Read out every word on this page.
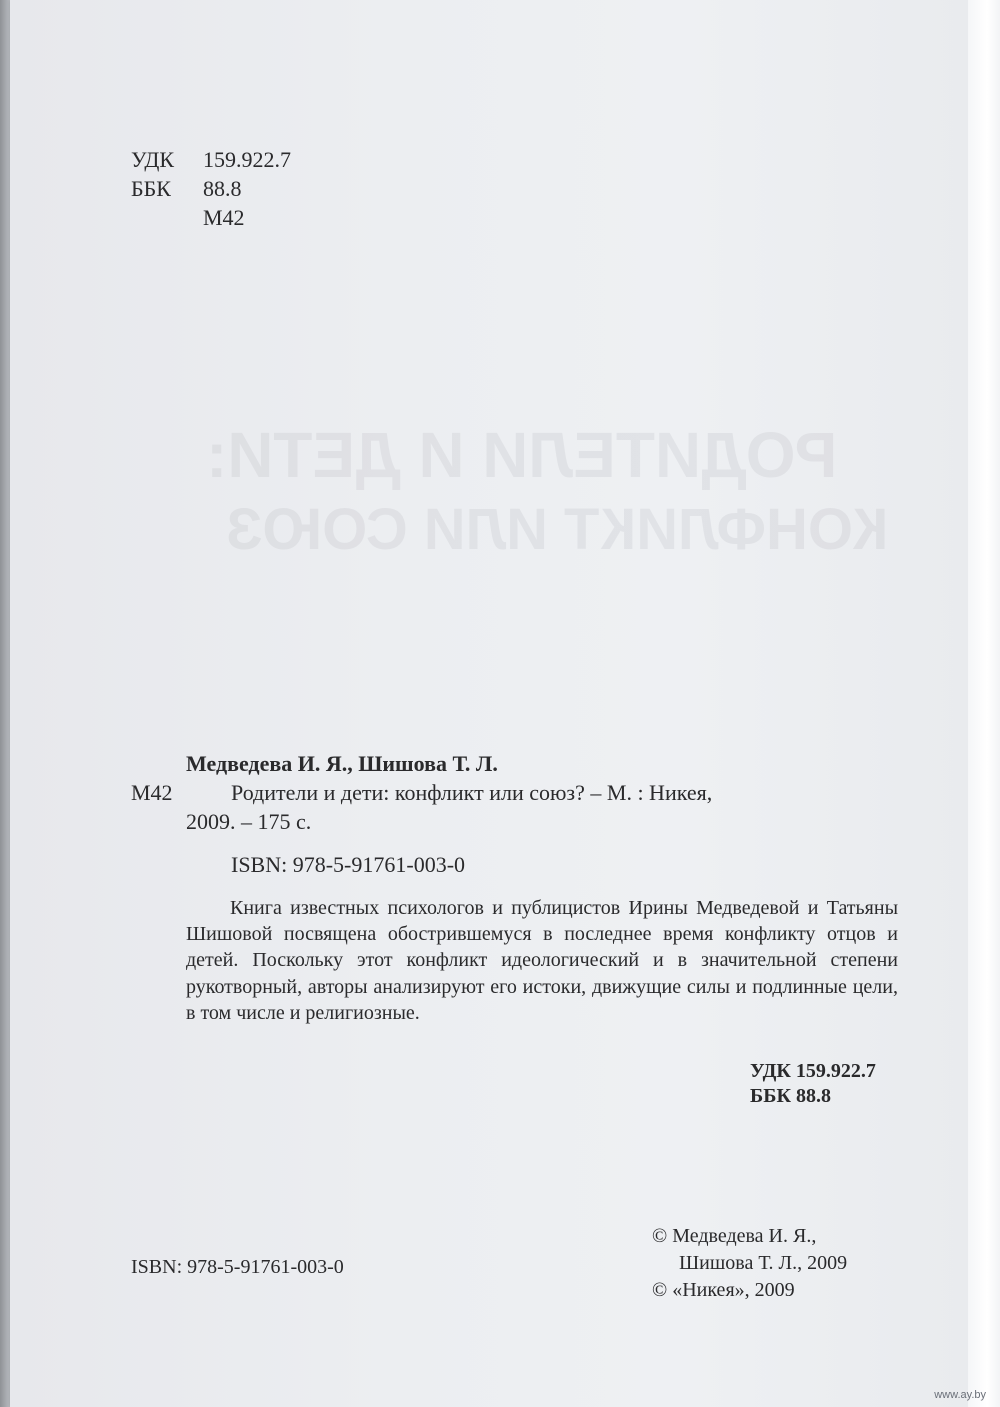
РОДИТЕЛИ И ДЕТИ:
КОНФЛИКТ ИЛИ СОЮЗ
УДК 159.922.7
ББК 88.8
М42
Медведева И. Я., Шишова Т. Л.
М42	Родители и дети: конфликт или союз? – М. : Никея,
2009. – 175 с.
ISBN: 978-5-91761-003-0
Книга известных психологов и публицистов Ирины Медведевой и Татьяны Шишовой посвящена обострившемуся в последнее время конфликту отцов и детей. Поскольку этот конфликт идеологический и в значительной степени рукотворный, авторы анализируют его истоки, движущие силы и подлинные цели, в том числе и религиозные.
УДК 159.922.7
ББК 88.8
ISBN: 978-5-91761-003-0
© Медведева И. Я.,
Шишова Т. Л., 2009
© «Никея», 2009
www.ay.by
